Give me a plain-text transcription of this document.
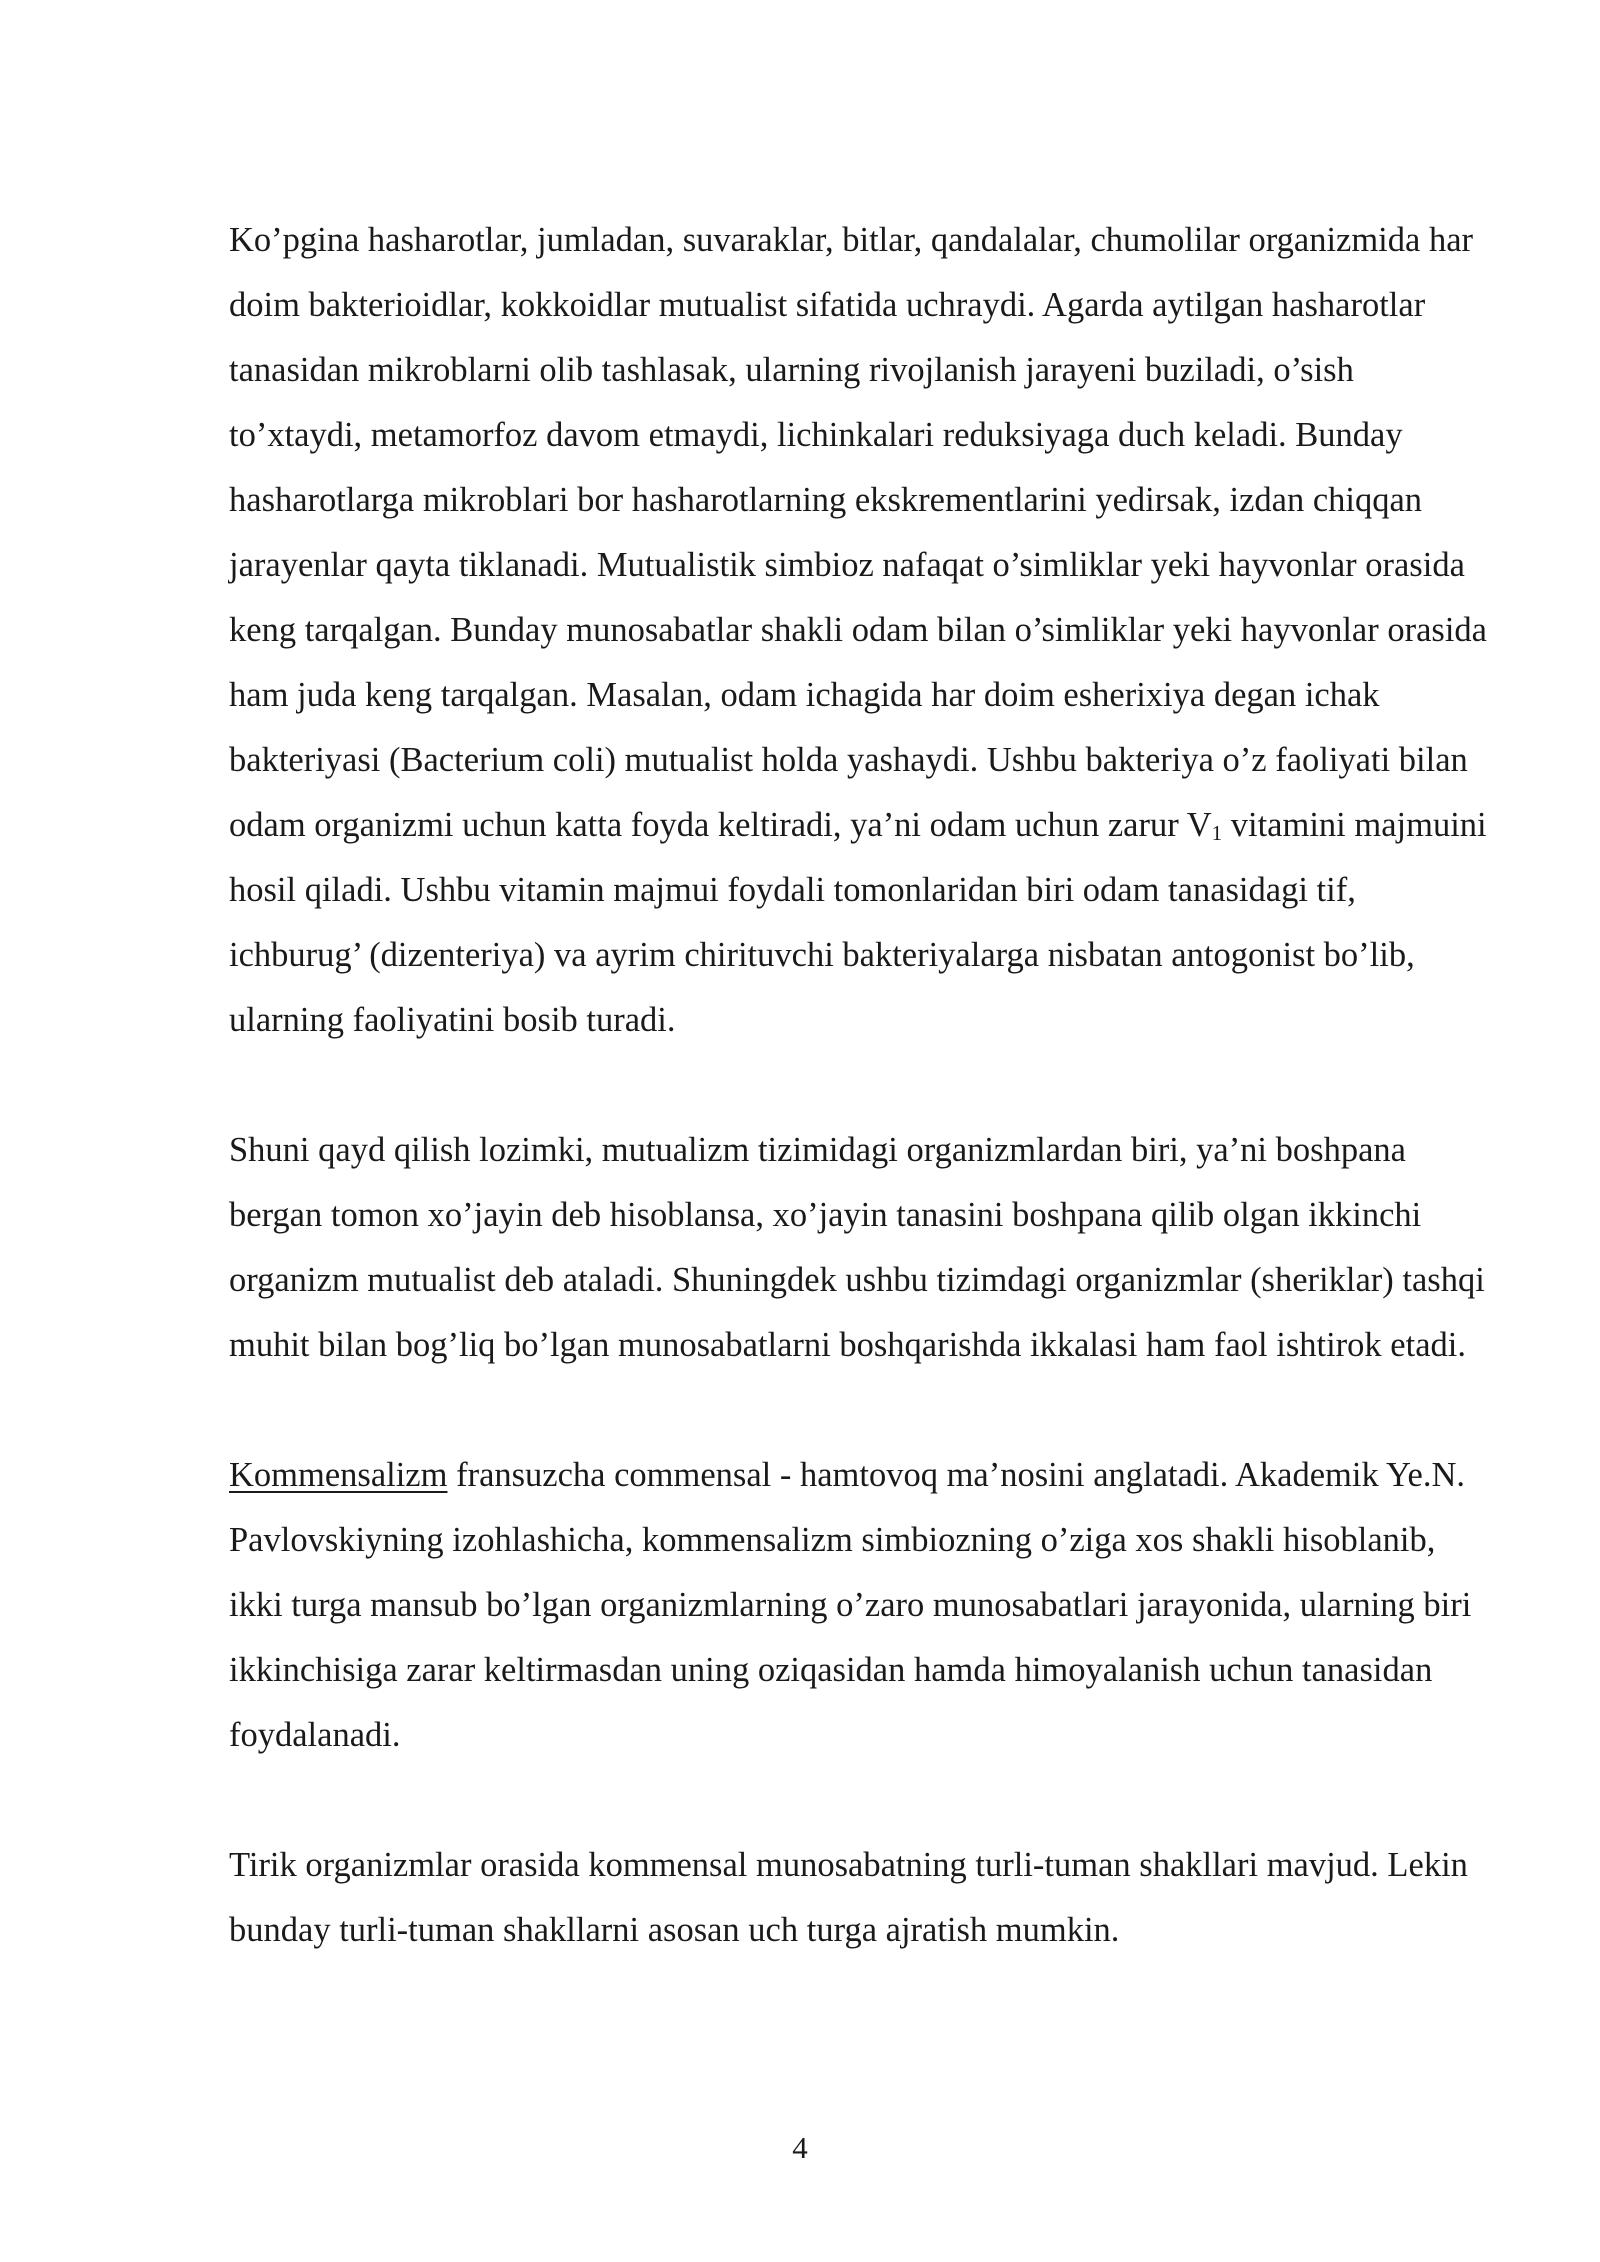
Ko’pgina hasharotlar, jumladan, suvaraklar, bitlar, qandalalar, chumolilar organizmida har doim bakterioidlar, kokkoidlar mutualist sifatida uchraydi. Agarda aytilgan hasharotlar tanasidan mikroblarni olib tashlasak, ularning rivojlanish jarayeni buziladi, o’sish to’xtaydi, metamorfoz davom etmaydi, lichinkalari reduksiyaga duch keladi. Bunday hasharotlarga mikroblari bor hasharotlarning ekskrementlarini yedirsak, izdan chiqqan jarayenlar qayta tiklanadi. Mutualistik simbioz nafaqat o’simliklar yeki hayvonlar orasida keng tarqalgan. Bunday munosabatlar shakli odam bilan o’simliklar yeki hayvonlar orasida ham juda keng tarqalgan. Masalan, odam ichagida har doim esherixiya degan ichak bakteriyasi (Bacterium coli) mutualist holda yashaydi. Ushbu bakteriya o’z faoliyati bilan odam organizmi uchun katta foyda keltiradi, ya’ni odam uchun zarur $V_1$ vitamini majmuini hosil qiladi. Ushbu vitamin majmui foydali tomonlaridan biri odam tanasidagi tif, ichburug’ (dizenteriya) va ayrim chirituvchi bakteriyalarga nisbatan antogonist bo’lib, ularning faoliyatini bosib turadi.

Shuni qayd qilish lozimki, mutualizm tizimidagi organizmlardan biri, ya’ni boshpana bergan tomon xo’jayin deb hisoblansa, xo’jayin tanasini boshpana qilib olgan ikkinchi organizm mutualist deb ataladi. Shuningdek ushbu tizimdagi organizmlar (sheriklar) tashqi muhit bilan bog’liq bo’lgan munosabatlarni boshqarishda ikkalasi ham faol ishtirok etadi.

Kommensalizm fransuzcha commensal - hamtovoq ma’nosini anglatadi. Akademik Ye.N. Pavlovskiyning izohlashicha, kommensalizm simbiozning o’ziga xos shakli hisoblanib, ikki turga mansub bo’lgan organizmlarning o’zaro munosabatlari jarayonida, ularning biri ikkinchisiga zarar keltirmasdan uning oziqasidan hamda himoyalanish uchun tanasidan foydalanadi.

Tirik organizmlar orasida kommensal munosabatning turli-tuman shakllari mavjud. Lekin bunday turli-tuman shakllarni asosan uch turga ajratish mumkin.

4
